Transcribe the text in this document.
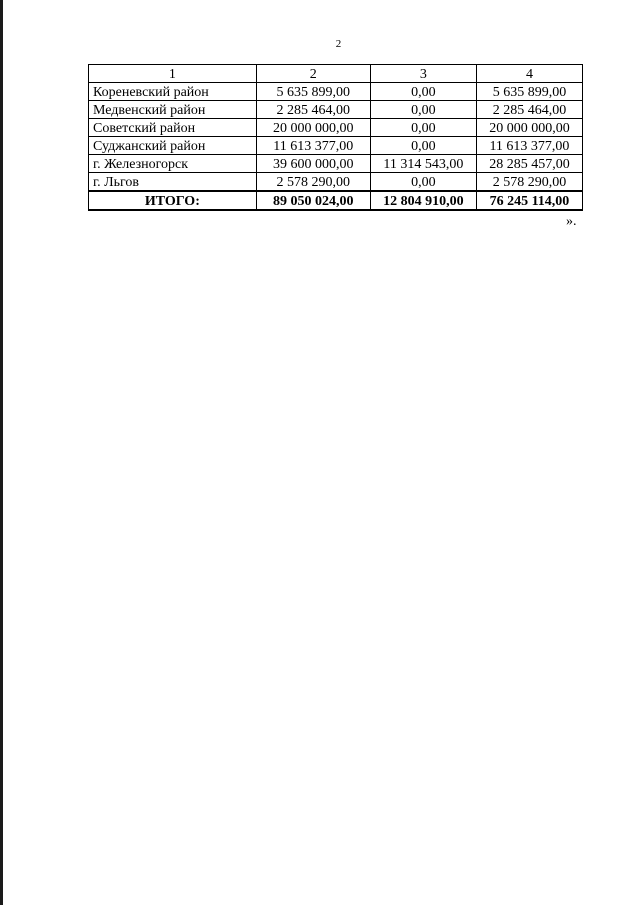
2
1	2	3	4
Кореневский район	5 635 899,00	0,00	5 635 899,00
Медвенский район	2 285 464,00	0,00	2 285 464,00
Советский район	20 000 000,00	0,00	20 000 000,00
Суджанский район	11 613 377,00	0,00	11 613 377,00
г. Железногорск	39 600 000,00	11 314 543,00	28 285 457,00
г. Льгов	2 578 290,00	0,00	2 578 290,00
ИТОГО:	89 050 024,00	12 804 910,00	76 245 114,00
».
